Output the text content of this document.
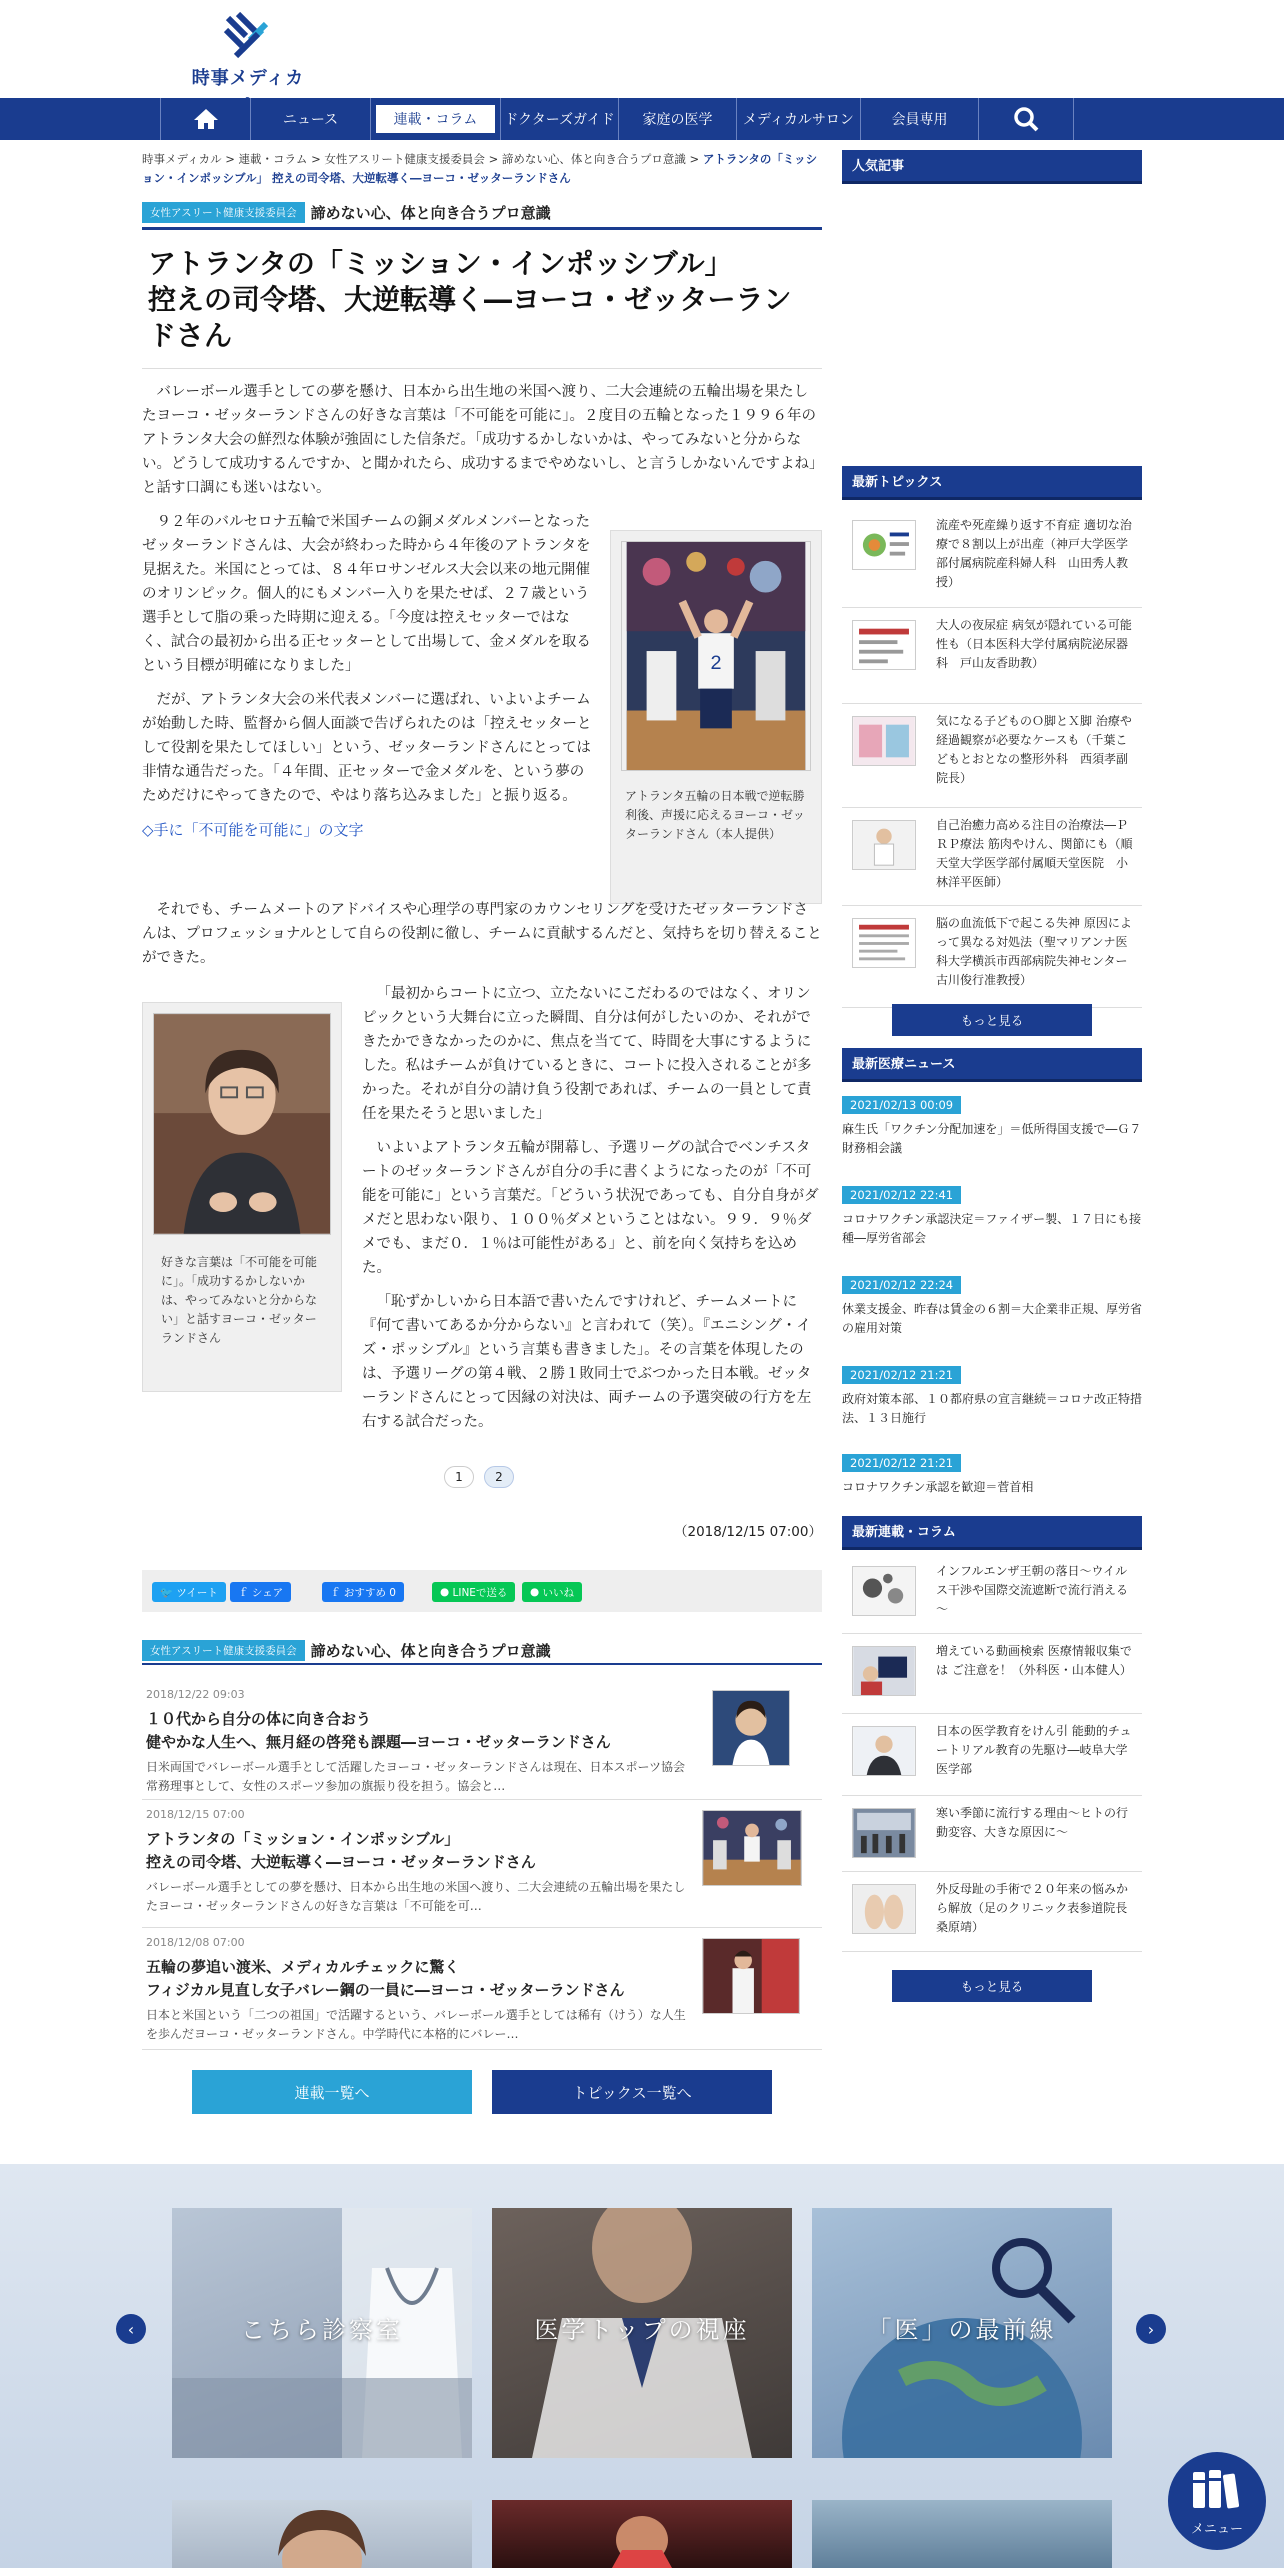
時事メディカ
ニュース	連載・コラム	ドクターズガイド 家庭の医学 メディカルサロン	会員専用
時事メディカル > 連載・コラム > 女性アスリート健康支援委員会 > 諦めない心、体と向き合うプロ意識 > アトランタの「ミッション・インポッシブル」 控えの司令塔、大逆転導く―ヨーコ・ゼッターランドさん
女性アスリート健康支援委員会 諦めない心、体と向き合うプロ意識
アトランタの「ミッション・インポッシブル」
控えの司令塔、大逆転導く―ヨーコ・ゼッターラン
ドさん

バレーボール選手としての夢を懸け、日本から出生地の米国へ渡り、二大会連続の五輪出場を果たしたヨーコ・ゼッターランドさんの好きな言葉は「不可能を可能に」。２度目の五輪となった１９９６年のアトランタ大会の鮮烈な体験が強固にした信条だ。「成功するかしないかは、やってみないと分からない。どうして成功するんですか、と聞かれたら、成功するまでやめないし、と言うしかないんですよね」と話す口調にも迷いはない。

2
アトランタ五輪の日本戦で逆転勝利後、声援に応えるヨーコ・ゼッターランドさん（本人提供）

９２年のバルセロナ五輪で米国チームの銅メダルメンバーとなったゼッターランドさんは、大会が終わった時から４年後のアトランタを見据えた。米国にとっては、８４年ロサンゼルス大会以来の地元開催のオリンピック。個人的にもメンバー入りを果たせば、２７歳という選手として脂の乗った時期に迎える。「今度は控えセッターではなく、試合の最初から出る正セッターとして出場して、金メダルを取るという目標が明確になりました」

だが、アトランタ大会の米代表メンバーに選ばれ、いよいよチームが始動した時、監督から個人面談で告げられたのは「控えセッターとして役割を果たしてほしい」という、ゼッターランドさんにとっては非情な通告だった。「４年間、正セッターで金メダルを、という夢のためだけにやってきたので、やはり落ち込みました」と振り返る。

◇手に「不可能を可能に」の文字

それでも、チームメートのアドバイスや心理学の専門家のカウンセリングを受けたゼッターランドさんは、プロフェッショナルとして自らの役割に徹し、チームに貢献するんだと、気持ちを切り替えることができた。

好きな言葉は「不可能を可能に」。「成功するかしないかは、やってみないと分からない」と話すヨーコ・ゼッターランドさん

「最初からコートに立つ、立たないにこだわるのではなく、オリンピックという大舞台に立った瞬間、自分は何がしたいのか、それができたかできなかったのかに、焦点を当てて、時間を大事にするようにした。私はチームが負けているときに、コートに投入されることが多かった。それが自分の請け負う役割であれば、チームの一員として責任を果たそうと思いました」

いよいよアトランタ五輪が開幕し、予選リーグの試合でベンチスタートのゼッターランドさんが自分の手に書くようになったのが「不可能を可能に」という言葉だ。「どういう状況であっても、自分自身がダメだと思わない限り、１００％ダメということはない。９９．９％ダメでも、まだ０．１％は可能性がある」と、前を向く気持ちを込めた。

「恥ずかしいから日本語で書いたんですけれど、チームメートに『何て書いてあるか分からない』と言われて（笑）。『エニシング・イズ・ポッシブル』という言葉も書きました」。その言葉を体現したのは、予選リーグの第４戦、２勝１敗同士でぶつかった日本戦。ゼッターランドさんにとって因縁の対決は、両チームの予選突破の行方を左右する試合だった。

1	2
（2018/12/15 07:00）
🐦 ツイート ｆ シェア	ｆ おすすめ 0	● LINEで送る ● いいね
女性アスリート健康支援委員会 諦めない心、体と向き合うプロ意識
2018/12/22 09:03
１０代から自分の体に向き合おう
健やかな人生へ、無月経の啓発も課題―ヨーコ・ゼッターランドさん
日米両国でバレーボール選手として活躍したヨーコ・ゼッターランドさんは現在、日本スポーツ協会常務理事として、女性のスポーツ参加の旗振り役を担う。協会と…
2018/12/15 07:00
アトランタの「ミッション・インポッシブル」
控えの司令塔、大逆転導く―ヨーコ・ゼッターランドさん
バレーボール選手としての夢を懸け、日本から出生地の米国へ渡り、二大会連続の五輪出場を果たしたヨーコ・ゼッターランドさんの好きな言葉は「不可能を可…
2018/12/08 07:00
五輪の夢追い渡米、メディカルチェックに驚く
フィジカル見直し女子バレー鋼の一員に―ヨーコ・ゼッターランドさん
日本と米国という「二つの祖国」で活躍するという、バレーボール選手としては稀有（けう）な人生を歩んだヨーコ・ゼッターランドさん。中学時代に本格的にバレー…
連載一覧へ	トピックス一覧へ
人気記事
最新トピックス
流産や死産繰り返す不育症 適切な治療で８割以上が出産（神戸大学医学部付属病院産科婦人科　山田秀人教授）
大人の夜尿症 病気が隠れている可能性も（日本医科大学付属病院泌尿器科　戸山友香助教）
気になる子どものＯ脚とＸ脚 治療や経過観察が必要なケースも（千葉こどもとおとなの整形外科　西須孝副院長）
自己治癒力高める注目の治療法―ＰＲＰ療法 筋肉やけん、関節にも（順天堂大学医学部付属順天堂医院　小林洋平医師）
脳の血流低下で起こる失神 原因によって異なる対処法（聖マリアンナ医科大学横浜市西部病院失神センター　古川俊行准教授）
もっと見る
最新医療ニュース
2021/02/13 00:09
麻生氏「ワクチン分配加速を」＝低所得国支援で―Ｇ７財務相会議
2021/02/12 22:41
コロナワクチン承認決定＝ファイザー製、１７日にも接種―厚労省部会
2021/02/12 22:24
休業支援金、昨春は賃金の６割＝大企業非正規、厚労省の雇用対策
2021/02/12 21:21
政府対策本部、１０都府県の宣言継続＝コロナ改正特措法、１３日施行
2021/02/12 21:21
コロナワクチン承認を歓迎＝菅首相
最新連載・コラム
インフルエンザ王朝の落日～ウイルス干渉や国際交流遮断で流行消える～
増えている動画検索 医療情報収集では ご注意を！（外科医・山本健人）
日本の医学教育をけん引 能動的チュートリアル教育の先駆け―岐阜大学医学部
寒い季節に流行する理由～ヒトの行動変容、大きな原因に～
外反母趾の手術で２０年来の悩みから解放（足のクリニック表参道院長　桑原靖）
もっと見る
こちら診察室	医学トップの視座	「医」の最前線
‹	›
メニュー
